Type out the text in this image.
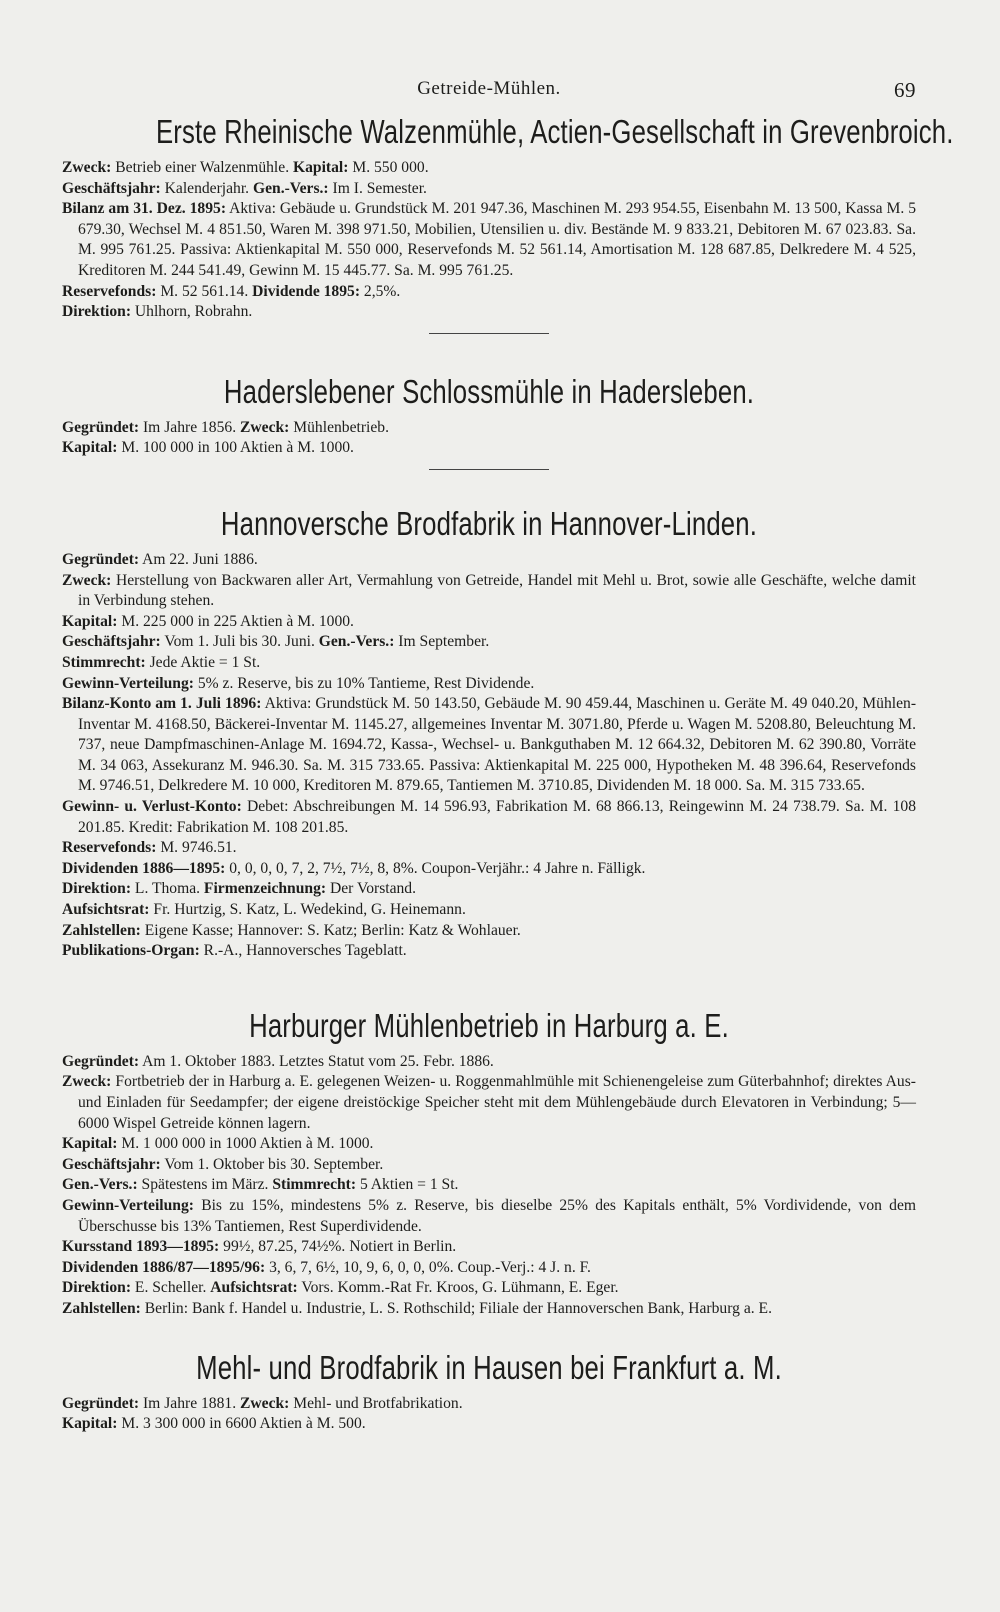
Getreide-Mühlen.	69
Erste Rheinische Walzenmühle, Actien-Gesellschaft in Grevenbroich.

Zweck: Betrieb einer Walzenmühle. Kapital: M. 550 000.

Geschäftsjahr: Kalenderjahr. Gen.-Vers.: Im I. Semester.

Bilanz am 31. Dez. 1895: Aktiva: Gebäude u. Grundstück M. 201 947.36, Maschinen M. 293 954.55, Eisenbahn M. 13 500, Kassa M. 5 679.30, Wechsel M. 4 851.50, Waren M. 398 971.50, Mobilien, Utensilien u. div. Bestände M. 9 833.21, Debitoren M. 67 023.83. Sa. M. 995 761.25. Passiva: Aktienkapital M. 550 000, Reservefonds M. 52 561.14, Amortisation M. 128 687.85, Delkredere M. 4 525, Kreditoren M. 244 541.49, Gewinn M. 15 445.77. Sa. M. 995 761.25.

Reservefonds: M. 52 561.14. Dividende 1895: 2,5%.

Direktion: Uhlhorn, Robrahn.

Haderslebener Schlossmühle in Hadersleben.

Gegründet: Im Jahre 1856. Zweck: Mühlenbetrieb.

Kapital: M. 100 000 in 100 Aktien à M. 1000.

Hannoversche Brodfabrik in Hannover-Linden.

Gegründet: Am 22. Juni 1886.

Zweck: Herstellung von Backwaren aller Art, Vermahlung von Getreide, Handel mit Mehl u. Brot, sowie alle Geschäfte, welche damit in Verbindung stehen.

Kapital: M. 225 000 in 225 Aktien à M. 1000.

Geschäftsjahr: Vom 1. Juli bis 30. Juni. Gen.-Vers.: Im September.

Stimmrecht: Jede Aktie = 1 St.

Gewinn-Verteilung: 5% z. Reserve, bis zu 10% Tantieme, Rest Dividende.

Bilanz-Konto am 1. Juli 1896: Aktiva: Grundstück M. 50 143.50, Gebäude M. 90 459.44, Maschinen u. Geräte M. 49 040.20, Mühlen-Inventar M. 4168.50, Bäckerei-Inventar M. 1145.27, allgemeines Inventar M. 3071.80, Pferde u. Wagen M. 5208.80, Beleuchtung M. 737, neue Dampfmaschinen-Anlage M. 1694.72, Kassa-, Wechsel- u. Bankguthaben M. 12 664.32, Debitoren M. 62 390.80, Vorräte M. 34 063, Assekuranz M. 946.30. Sa. M. 315 733.65. Passiva: Aktienkapital M. 225 000, Hypotheken M. 48 396.64, Reservefonds M. 9746.51, Delkredere M. 10 000, Kreditoren M. 879.65, Tantiemen M. 3710.85, Dividenden M. 18 000. Sa. M. 315 733.65.

Gewinn- u. Verlust-Konto: Debet: Abschreibungen M. 14 596.93, Fabrikation M. 68 866.13, Reingewinn M. 24 738.79. Sa. M. 108 201.85. Kredit: Fabrikation M. 108 201.85.

Reservefonds: M. 9746.51.

Dividenden 1886—1895: 0, 0, 0, 0, 7, 2, 7½, 7½, 8, 8%. Coupon-Verjähr.: 4 Jahre n. Fälligk.

Direktion: L. Thoma. Firmenzeichnung: Der Vorstand.

Aufsichtsrat: Fr. Hurtzig, S. Katz, L. Wedekind, G. Heinemann.

Zahlstellen: Eigene Kasse; Hannover: S. Katz; Berlin: Katz & Wohlauer.

Publikations-Organ: R.-A., Hannoversches Tageblatt.

Harburger Mühlenbetrieb in Harburg a. E.

Gegründet: Am 1. Oktober 1883. Letztes Statut vom 25. Febr. 1886.

Zweck: Fortbetrieb der in Harburg a. E. gelegenen Weizen- u. Roggenmahlmühle mit Schienengeleise zum Güterbahnhof; direktes Aus- und Einladen für Seedampfer; der eigene dreistöckige Speicher steht mit dem Mühlengebäude durch Elevatoren in Verbindung; 5—6000 Wispel Getreide können lagern.

Kapital: M. 1 000 000 in 1000 Aktien à M. 1000.

Geschäftsjahr: Vom 1. Oktober bis 30. September.

Gen.-Vers.: Spätestens im März. Stimmrecht: 5 Aktien = 1 St.

Gewinn-Verteilung: Bis zu 15%, mindestens 5% z. Reserve, bis dieselbe 25% des Kapitals enthält, 5% Vordividende, von dem Überschusse bis 13% Tantiemen, Rest Superdividende.

Kursstand 1893—1895: 99½, 87.25, 74½%. Notiert in Berlin.

Dividenden 1886/87—1895/96: 3, 6, 7, 6½, 10, 9, 6, 0, 0, 0%. Coup.-Verj.: 4 J. n. F.

Direktion: E. Scheller. Aufsichtsrat: Vors. Komm.-Rat Fr. Kroos, G. Lühmann, E. Eger.

Zahlstellen: Berlin: Bank f. Handel u. Industrie, L. S. Rothschild; Filiale der Hannoverschen Bank, Harburg a. E.

Mehl- und Brodfabrik in Hausen bei Frankfurt a. M.

Gegründet: Im Jahre 1881. Zweck: Mehl- und Brotfabrikation.

Kapital: M. 3 300 000 in 6600 Aktien à M. 500.
